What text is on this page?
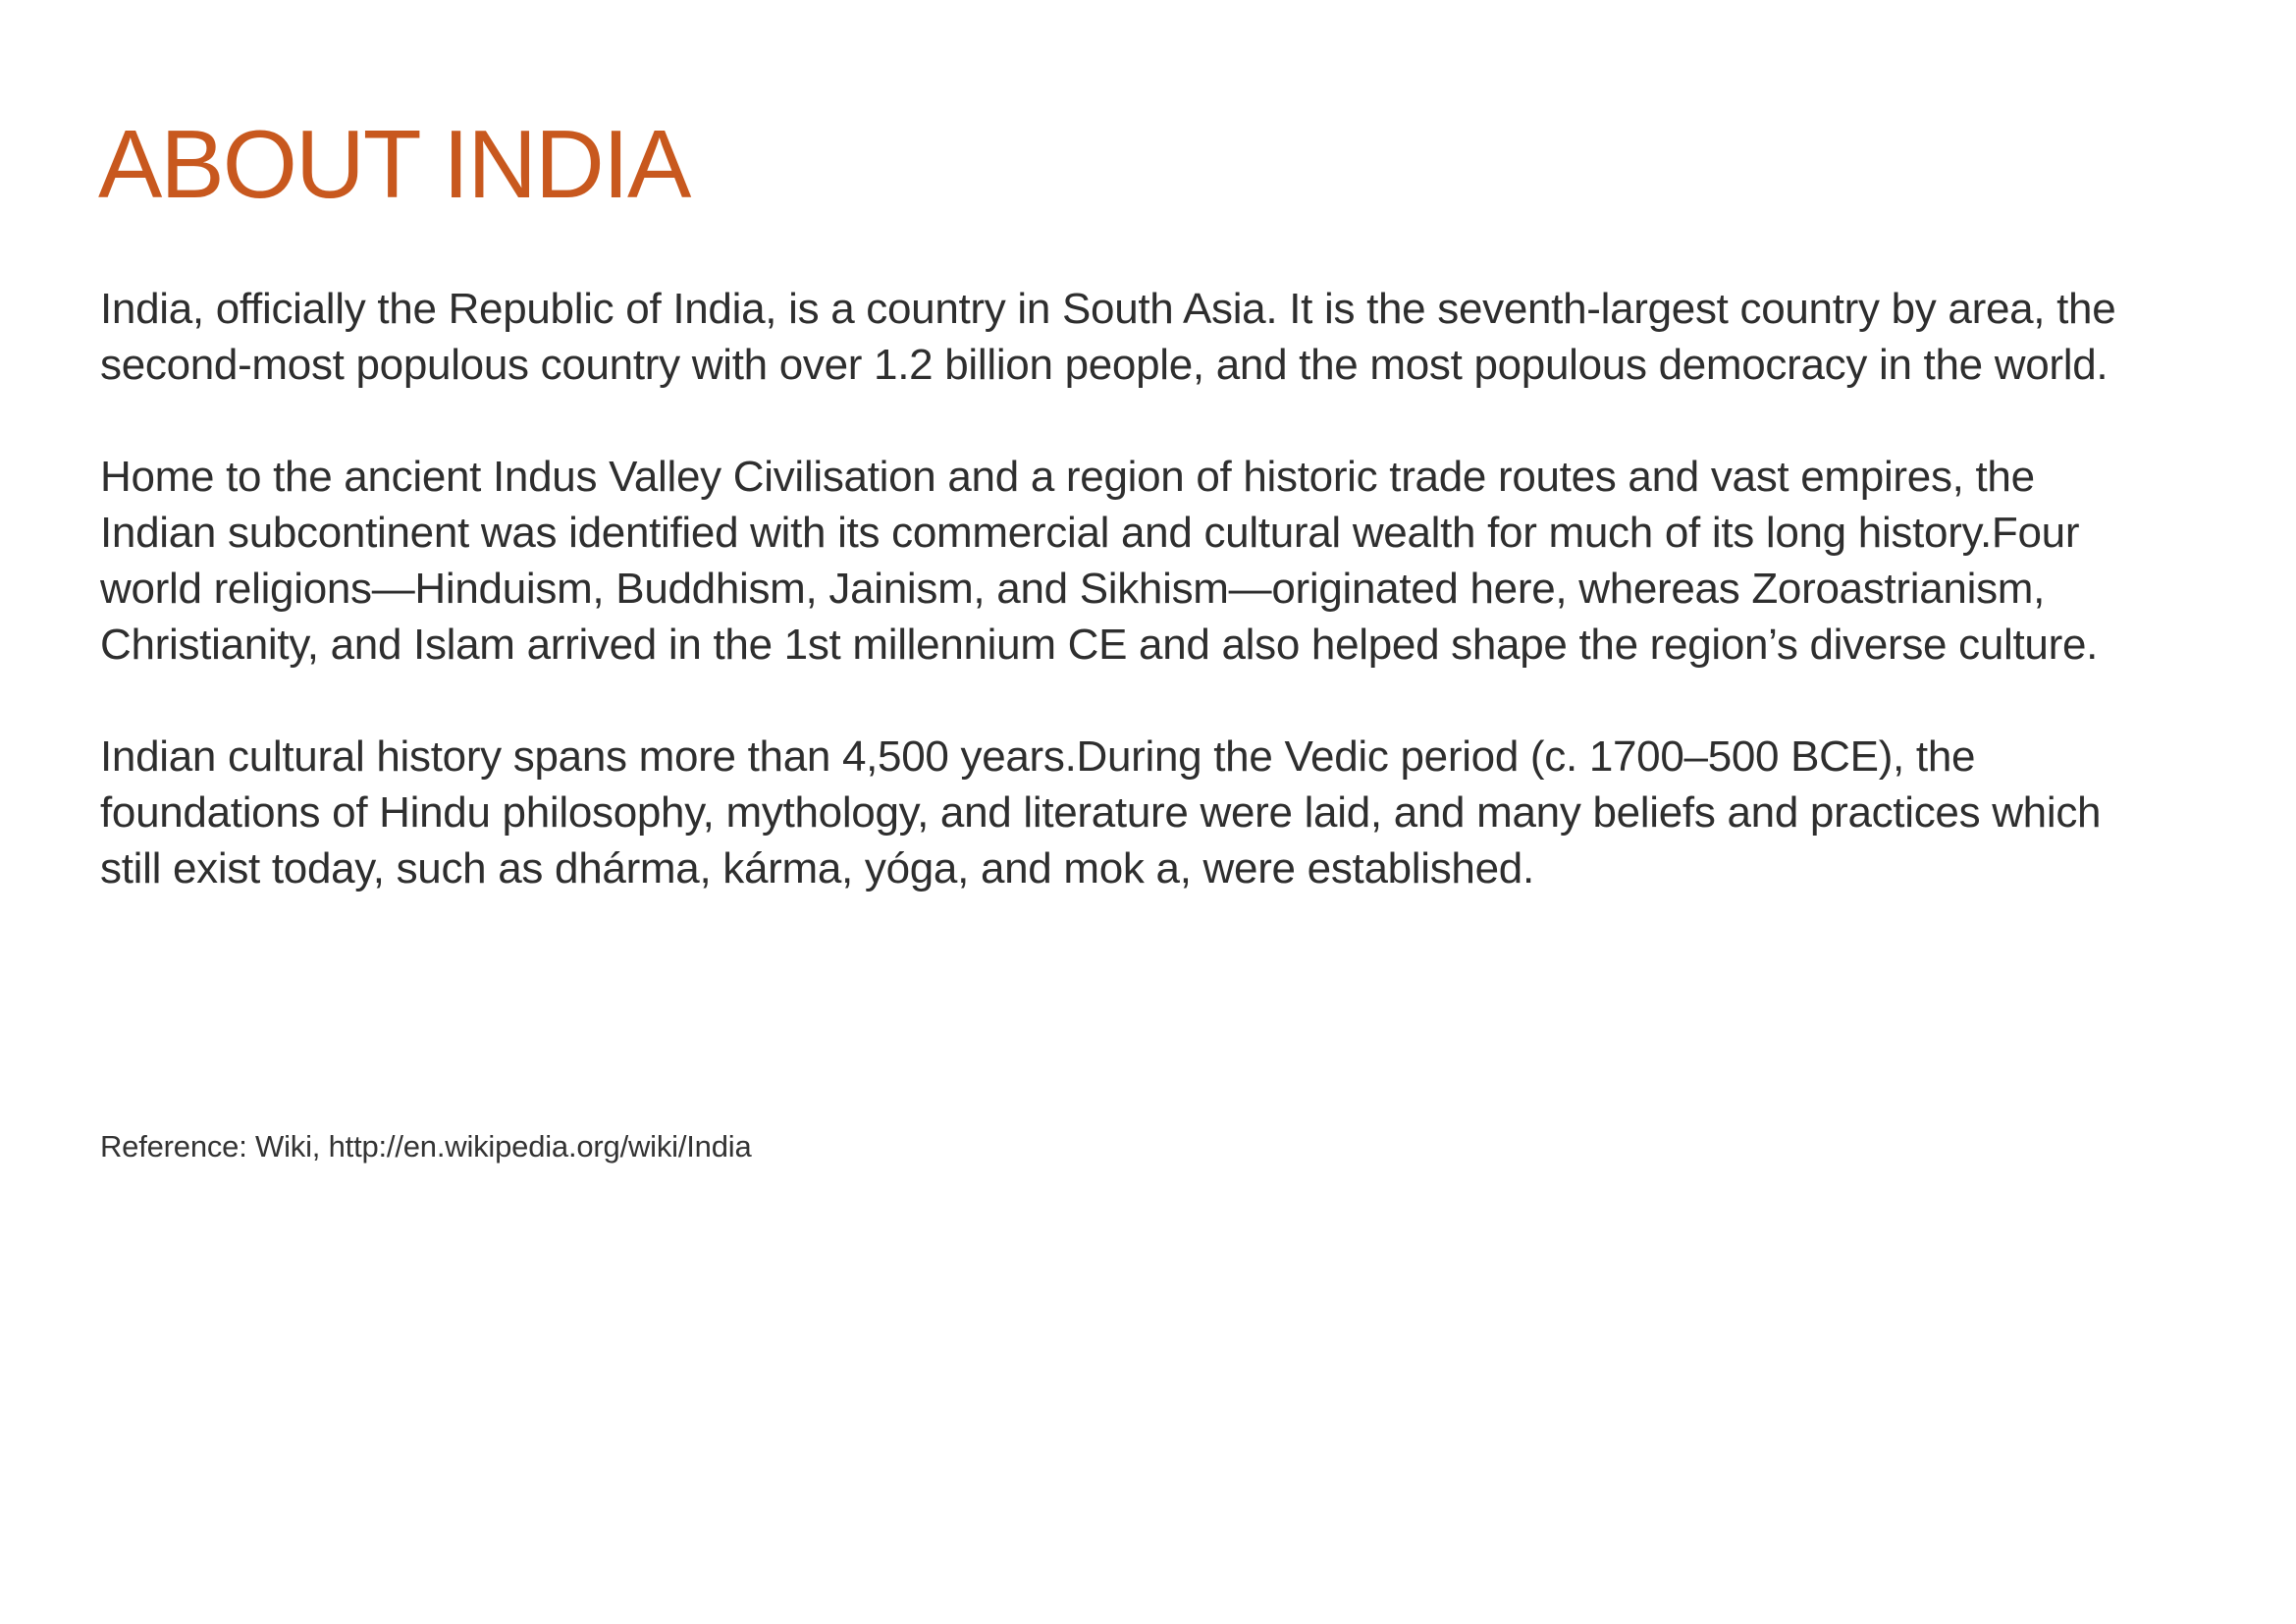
ABOUT INDIA

India, officially the Republic of India, is a country in South Asia. It is the seventh-largest country by area, the second-most populous country with over 1.2 billion people, and the most populous democracy in the world.

Home to the ancient Indus Valley Civilisation and a region of historic trade routes and vast empires, the Indian subcontinent was identified with its commercial and cultural wealth for much of its long history.Four world religions—Hinduism, Buddhism, Jainism, and Sikhism—originated here, whereas Zoroastrianism, Christianity, and Islam arrived in the 1st millennium CE and also helped shape the region’s diverse culture.

Indian cultural history spans more than 4,500 years.During the Vedic period (c. 1700–500 BCE), the foundations of Hindu philosophy, mythology, and literature were laid, and many beliefs and practices which still exist today, such as dhárma, kárma, yóga, and mok a, were established.

Reference: Wiki, http://en.wikipedia.org/wiki/India
